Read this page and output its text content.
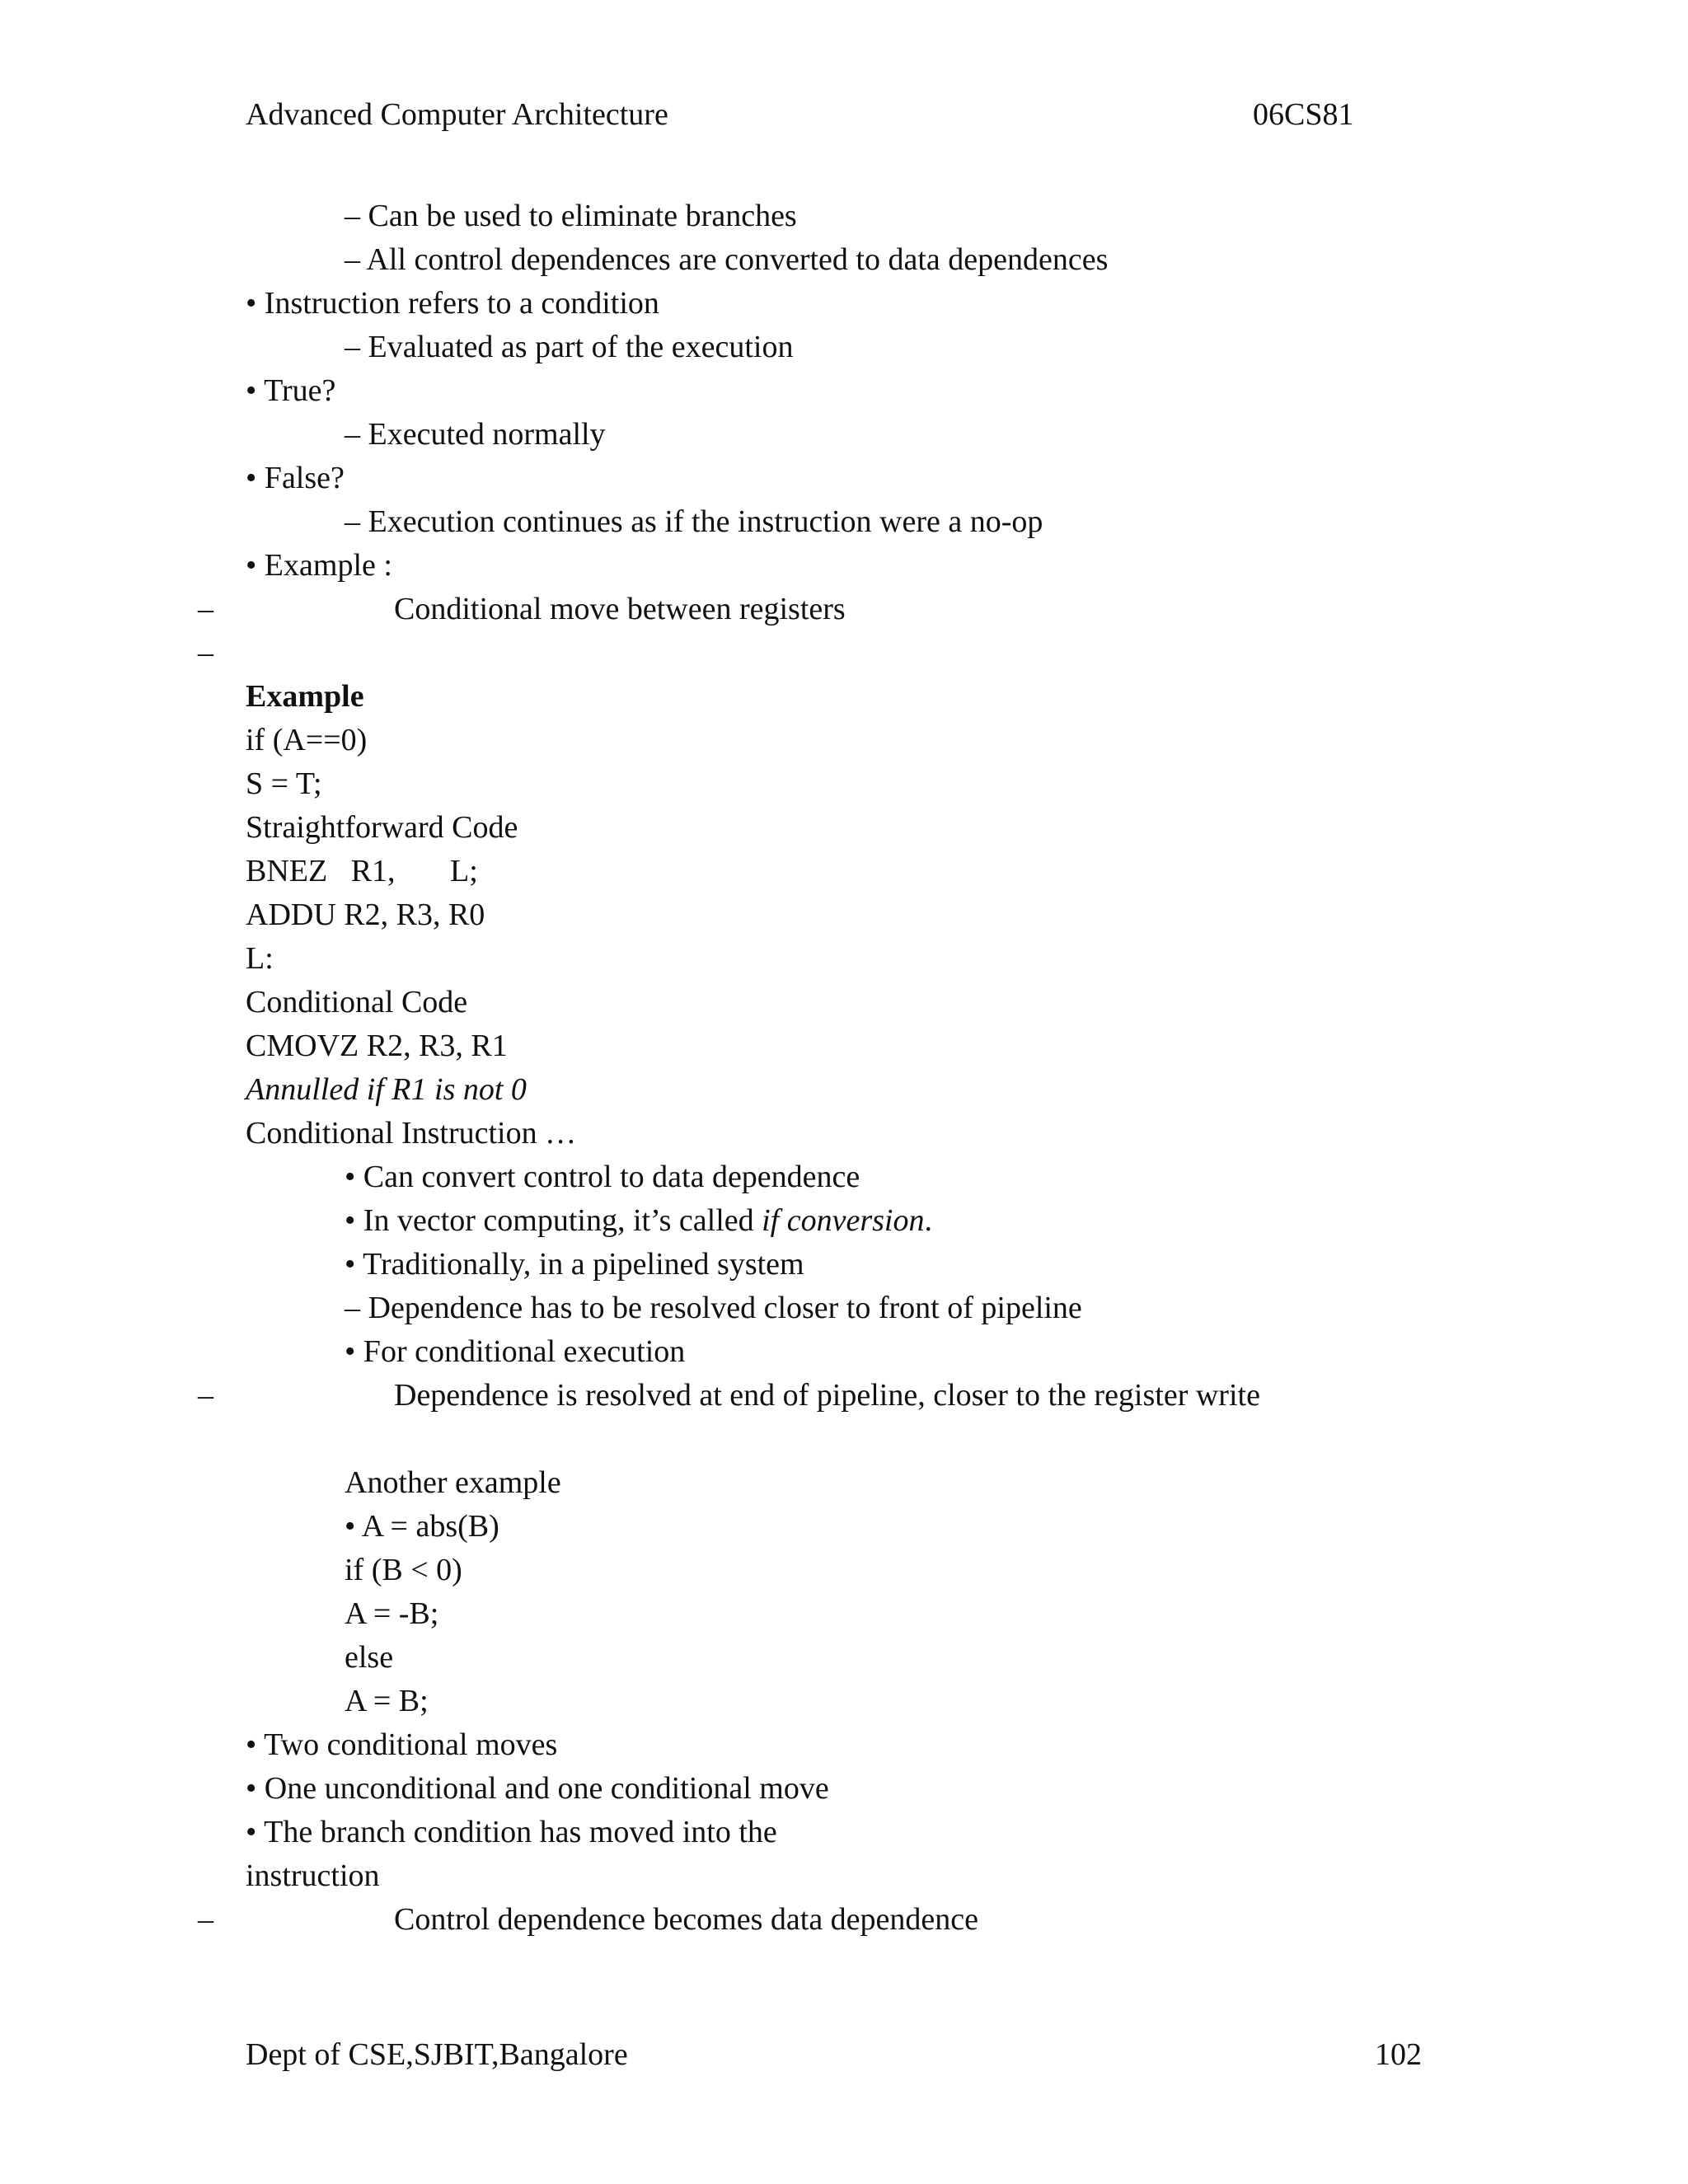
Advanced Computer Architecture	06CS81
– Can be used to eliminate branches
– All control dependences are converted to data dependences
• Instruction refers to a condition
– Evaluated as part of the execution
• True?
– Executed normally
• False?
– Execution continues as if the instruction were a no-op
• Example :
–	Conditional move between registers
–
Example
if (A==0)
S = T;
Straightforward Code
BNEZ   R1,       L;
ADDU R2, R3, R0
L:
Conditional Code
CMOVZ R2, R3, R1
Annulled if R1 is not 0
Conditional Instruction …
• Can convert control to data dependence
• In vector computing, it’s called if conversion.
• Traditionally, in a pipelined system
– Dependence has to be resolved closer to front of pipeline
• For conditional execution
–	Dependence is resolved at end of pipeline, closer to the register write
Another example
• A = abs(B)
if (B < 0)
A = -B;
else
A = B;
• Two conditional moves
• One unconditional and one conditional move
• The branch condition has moved into the
instruction
–	Control dependence becomes data dependence
Dept of CSE,SJBIT,Bangalore	102
